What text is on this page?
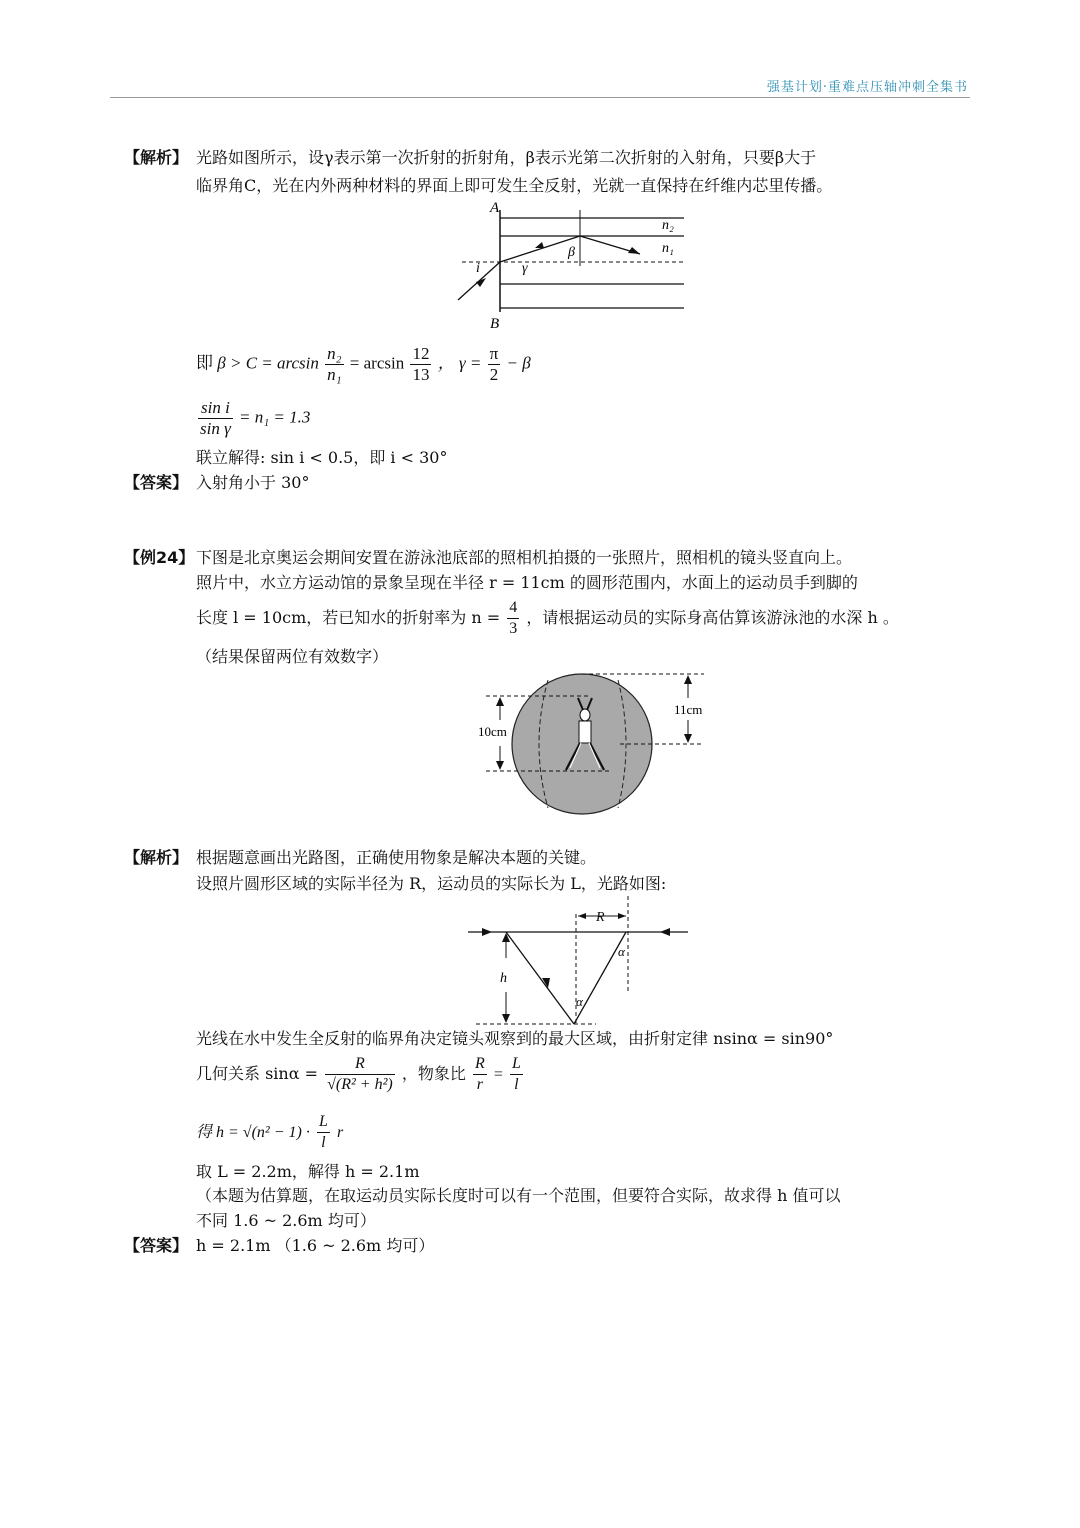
强基计划·重难点压轴冲刺全集书
【解析】 光路如图所示，设γ表示第一次折射的折射角，β表示光第二次折射的入射角，只要β大于
临界角C，光在内外两种材料的界面上即可发生全反射，光就一直保持在纤维内芯里传播。
A
B
n₂
n₁
β
γ
i
即 $\beta > C = \arcsin \frac{\text{n₂}}{\text{n₁}} = \arcsin \frac{12}{13}$ ， $\gamma = \frac{\pi}{2} - \beta$
$\frac{\text{sin i}}{\text{sin γ}} = n_1 = 1.3$
联立解得: sin i < 0.5，即 i < 30°
【答案】 入射角小于 30°
【例24】 下图是北京奥运会期间安置在游泳池底部的照相机拍摄的一张照片，照相机的镜头竖直向上。
照片中，水立方运动馆的景象呈现在半径 r = 11cm 的圆形范围内，水面上的运动员手到脚的
长度 l = 10cm，若已知水的折射率为 $n = \frac{4}{3}$ ，请根据运动员的实际身高估算该游泳池的水深 h 。
（结果保留两位有效数字）
10cm
11cm
【解析】 根据题意画出光路图，正确使用物象是解决本题的关键。
设照片圆形区域的实际半径为 R，运动员的实际长为 L，光路如图:
R
h
α
α
光线在水中发生全反射的临界角决定镜头观察到的最大区域，由折射定律 nsinα = sin90°
几何关系 $\sin\alpha = \frac{R}{\text{√(R² + h²)}}$ ，物象比 $\frac{R}{r} = \frac{L}{l}$
得 $h = √(n^2 - 1) \cdot \frac{L}{l}$ r
取 L = 2.2m，解得 h = 2.1m
（本题为估算题，在取运动员实际长度时可以有一个范围，但要符合实际，故求得 h 值可以
不同 1.6 ~ 2.6m 均可）
【答案】 h = 2.1m （1.6 ~ 2.6m 均可）
